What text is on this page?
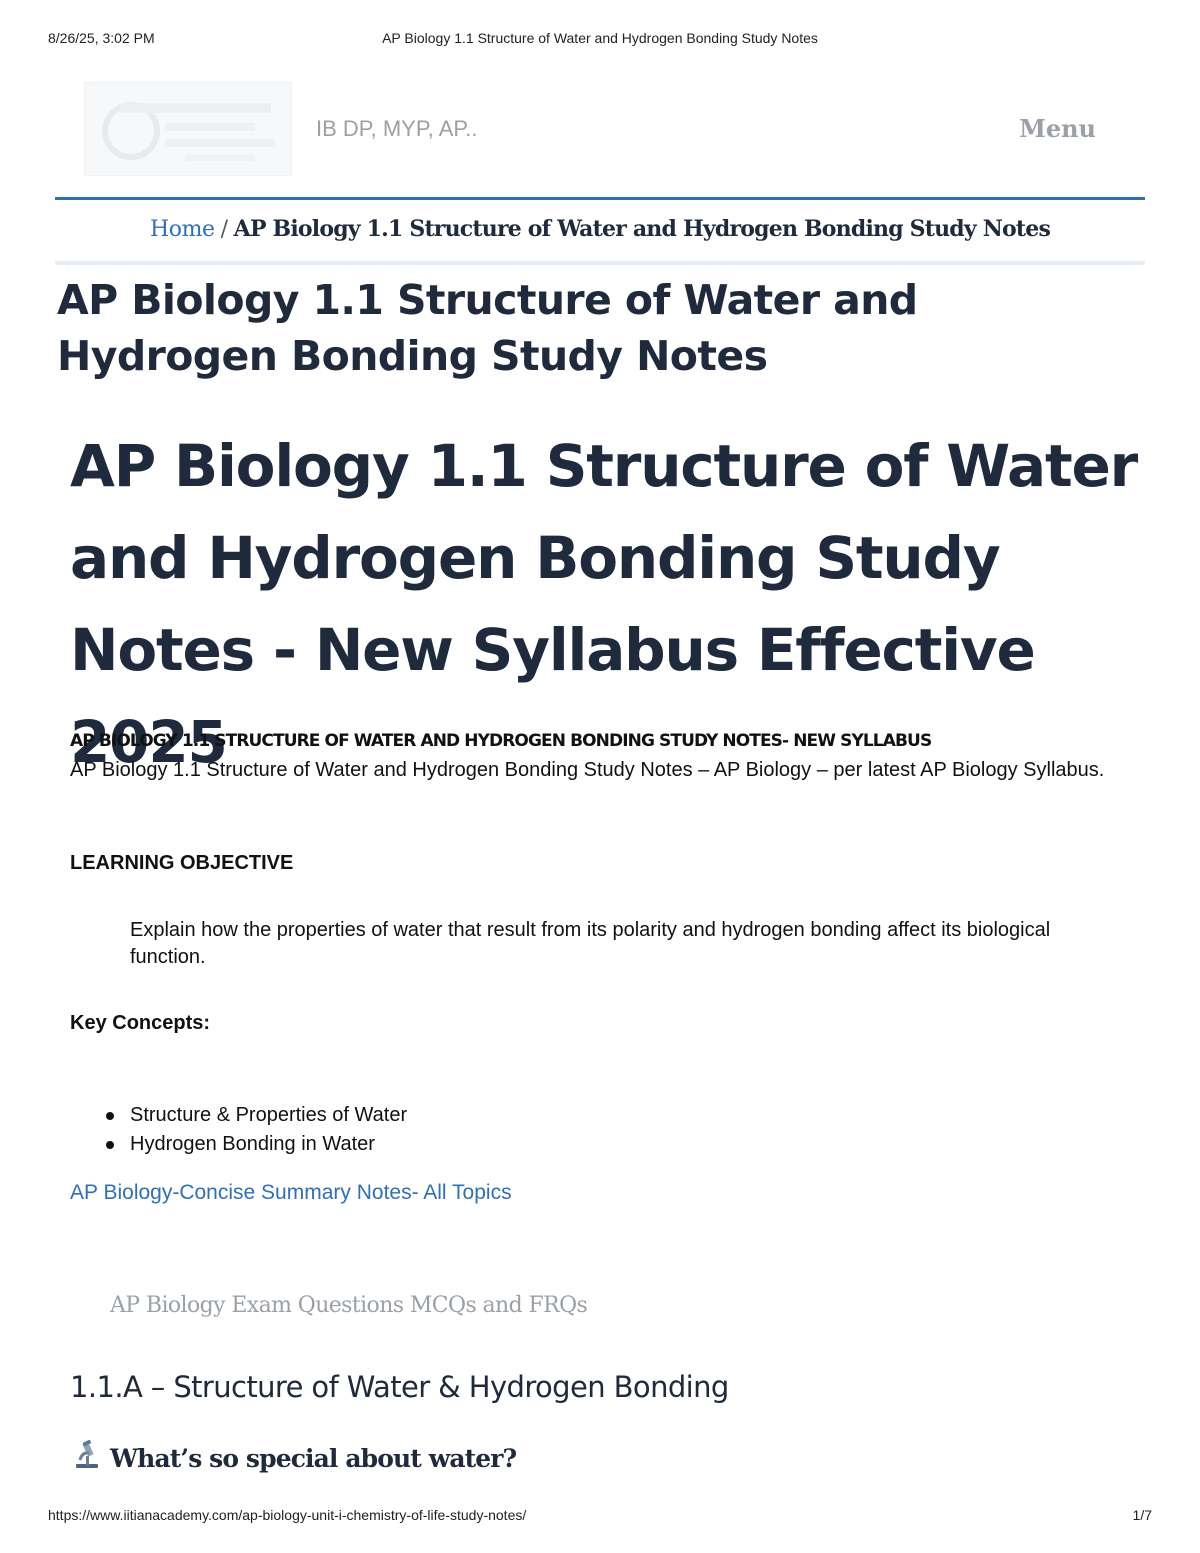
8/26/25, 3:02 PM	AP Biology 1.1 Structure of Water and Hydrogen Bonding Study Notes
IB DP, MYP, AP..	Menu
Home / AP Biology 1.1 Structure of Water and Hydrogen Bonding Study Notes
AP Biology 1.1 Structure of Water and Hydrogen Bonding Study Notes
AP Biology 1.1 Structure of Water and Hydrogen Bonding Study Notes - New Syllabus Effective 2025
AP BIOLOGY 1.1 STRUCTURE OF WATER AND HYDROGEN BONDING STUDY NOTES- NEW SYLLABUS

AP Biology 1.1 Structure of Water and Hydrogen Bonding Study Notes – AP Biology – per latest AP Biology Syllabus.

LEARNING OBJECTIVE

Explain how the properties of water that result from its polarity and hydrogen bonding affect its biological function.

Key Concepts:
Structure & Properties of Water
Hydrogen Bonding in Water
AP Biology-Concise Summary Notes- All Topics
AP Biology Exam Questions MCQs and FRQs
1.1.A – Structure of Water & Hydrogen Bonding
What’s so special about water?
https://www.iitianacademy.com/ap-biology-unit-i-chemistry-of-life-study-notes/	1/7
